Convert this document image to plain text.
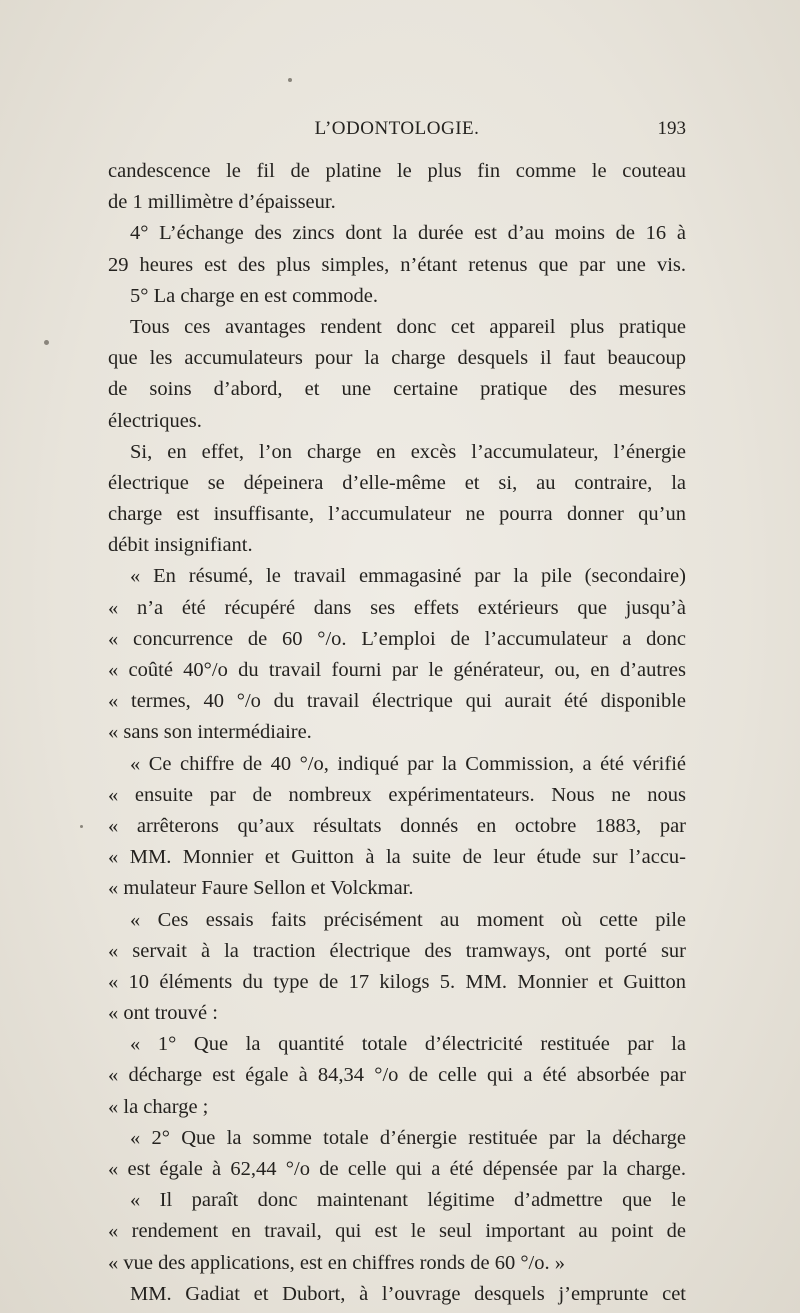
L’ODONTOLOGIE.	193
candescence le fil de platine le plus fin comme le couteau
de 1 millimètre d’épaisseur.
4° L’échange des zincs dont la durée est d’au moins de 16 à
29 heures est des plus simples, n’étant retenus que par une vis.
5° La charge en est commode.
Tous ces avantages rendent donc cet appareil plus pratique
que les accumulateurs pour la charge desquels il faut beaucoup
de soins d’abord, et une certaine pratique des mesures
électriques.
Si, en effet, l’on charge en excès l’accumulateur, l’énergie
électrique se dépeinera d’elle-même et si, au contraire, la
charge est insuffisante, l’accumulateur ne pourra donner qu’un
débit insignifiant.
« En résumé, le travail emmagasiné par la pile (secondaire)
« n’a été récupéré dans ses effets extérieurs que jusqu’à
« concurrence de 60 °/o. L’emploi de l’accumulateur a donc
« coûté 40°/o du travail fourni par le générateur, ou, en d’autres
« termes, 40 °/o du travail électrique qui aurait été disponible
« sans son intermédiaire.
« Ce chiffre de 40 °/o, indiqué par la Commission, a été vérifié
« ensuite par de nombreux expérimentateurs. Nous ne nous
« arrêterons qu’aux résultats donnés en octobre 1883, par
« MM. Monnier et Guitton à la suite de leur étude sur l’accu-
« mulateur Faure Sellon et Volckmar.
« Ces essais faits précisément au moment où cette pile
« servait à la traction électrique des tramways, ont porté sur
« 10 éléments du type de 17 kilogs 5. MM. Monnier et Guitton
« ont trouvé :
« 1° Que la quantité totale d’électricité restituée par la
« décharge est égale à 84,34 °/o de celle qui a été absorbée par
« la charge ;
« 2° Que la somme totale d’énergie restituée par la décharge
« est égale à 62,44 °/o de celle qui a été dépensée par la charge.
« Il paraît donc maintenant légitime d’admettre que le
« rendement en travail, qui est le seul important au point de
« vue des applications, est en chiffres ronds de 60 °/o. »
MM. Gadiat et Dubort, à l’ouvrage desquels j’emprunte cet
